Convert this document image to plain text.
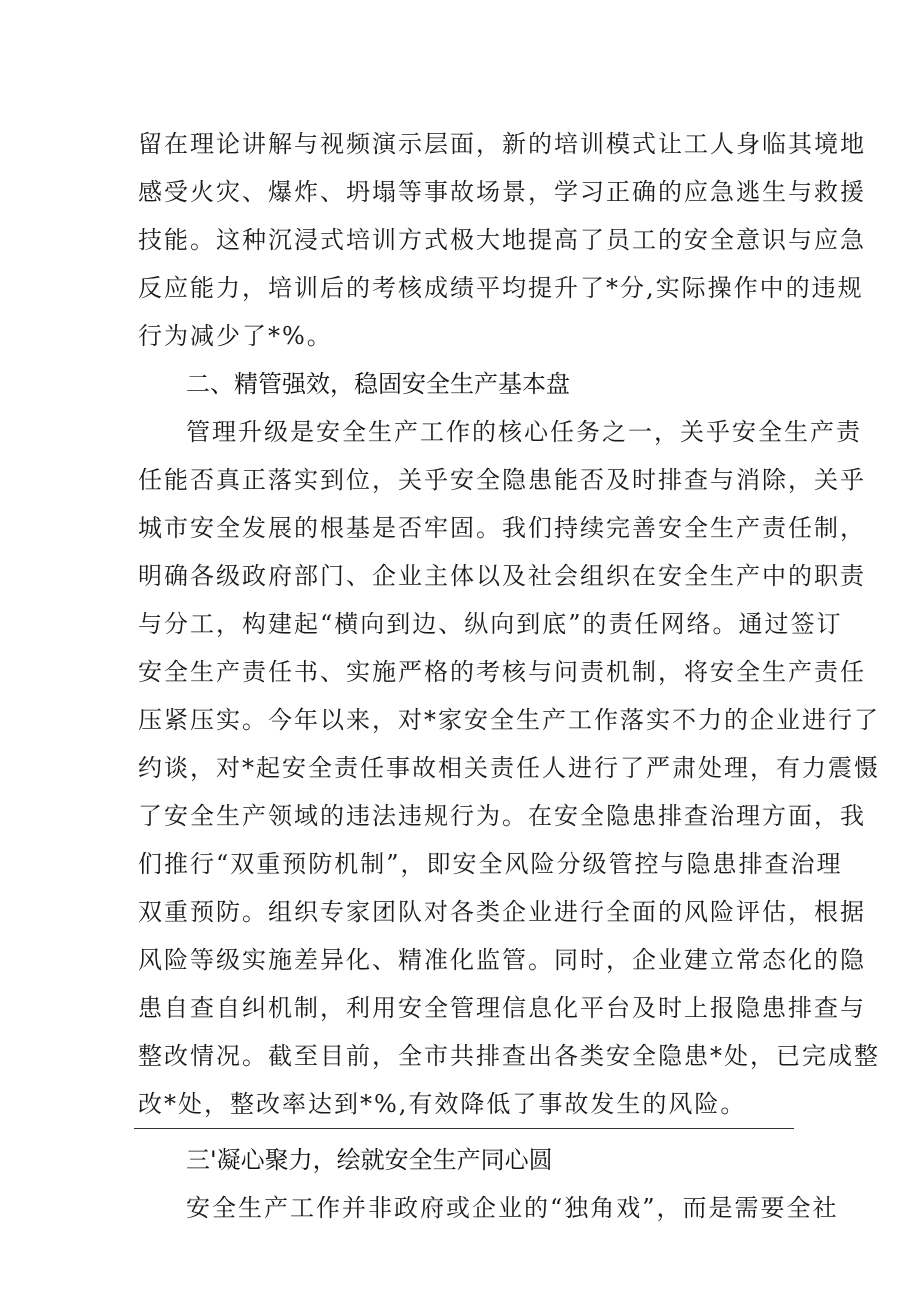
留在理论讲解与视频演示层面，新的培训模式让工人身临其境地
感受火灾、爆炸、坍塌等事故场景，学习正确的应急逃生与救援
技能。这种沉浸式培训方式极大地提高了员工的安全意识与应急
反应能力，培训后的考核成绩平均提升了*分,实际操作中的违规
行为减少了*%。
二、精管强效，稳固安全生产基本盘
管理升级是安全生产工作的核心任务之一，关乎安全生产责
任能否真正落实到位，关乎安全隐患能否及时排查与消除，关乎
城市安全发展的根基是否牢固。我们持续完善安全生产责任制，
明确各级政府部门、企业主体以及社会组织在安全生产中的职责
与分工，构建起“横向到边、纵向到底”的责任网络。通过签订
安全生产责任书、实施严格的考核与问责机制，将安全生产责任
压紧压实。今年以来，对*家安全生产工作落实不力的企业进行了
约谈，对*起安全责任事故相关责任人进行了严肃处理，有力震慑
了安全生产领域的违法违规行为。在安全隐患排查治理方面，我
们推行“双重预防机制”，即安全风险分级管控与隐患排查治理
双重预防。组织专家团队对各类企业进行全面的风险评估，根据
风险等级实施差异化、精准化监管。同时，企业建立常态化的隐
患自查自纠机制，利用安全管理信息化平台及时上报隐患排查与
整改情况。截至目前，全市共排查出各类安全隐患*处，已完成整
改*处，整改率达到*%,有效降低了事故发生的风险。
三'凝心聚力，绘就安全生产同心圆
安全生产工作并非政府或企业的“独角戏”，而是需要全社
